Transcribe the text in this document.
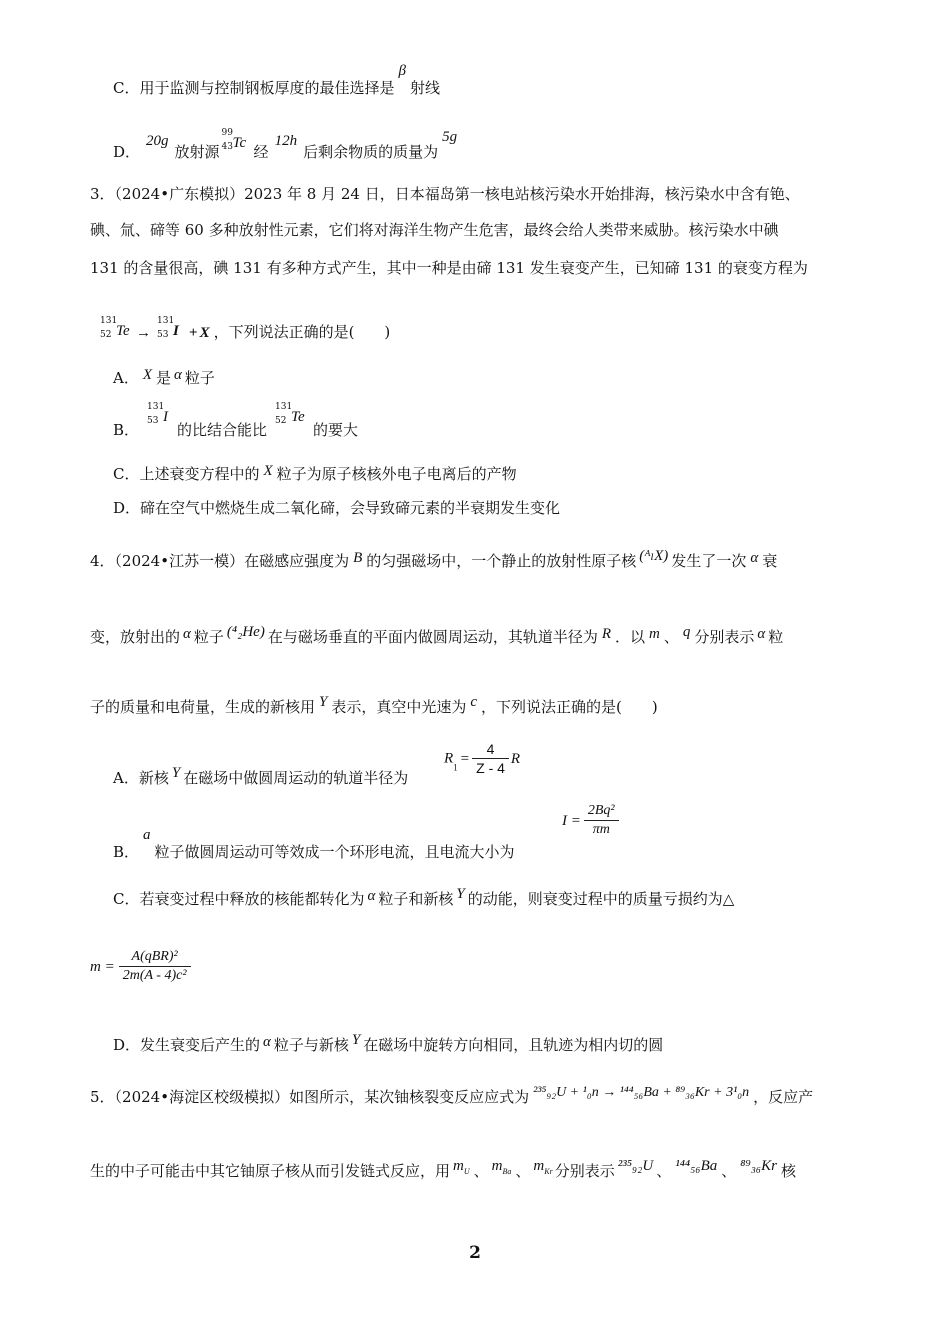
C．用于监测与控制钢板厚度的最佳选择是β射线
D．20g放射源
99
43 Tc 经12h后剩余物质的质量为5g
3．（2024•广东模拟）2023 年 8 月 24 日，日本福岛第一核电站核污染水开始排海，核污染水中含有铯、
碘、氚、碲等 60 多种放射性元素，它们将对海洋生物产生危害，最终会给人类带来威胁。核污染水中碘
131 的含量很高，碘 131 有多种方式产生，其中一种是由碲 131 发生衰变产生，已知碲 131 的衰变方程为
131
52 Te →
131
53 I + X ，下列说法正确的是(　　)
A． X 是 α 粒子
B．
131
53 I
的比结合能比
131
52 Te
的要大
C．上述衰变方程中的 X 粒子为原子核核外电子电离后的产物
D．碲在空气中燃烧生成二氧化碲，会导致碲元素的半衰期发生变化
4．（2024•江苏一模）在磁感应强度为 B 的匀强磁场中，一个静止的放射性原子核 (ᴬₗX) 发生了一次 α 衰
变，放射出的 α 粒子 (⁴₂He) 在与磁场垂直的平面内做圆周运动，其轨道半径为 R ．以 m 、 q 分别表示 α 粒
子的质量和电荷量，生成的新核用 Y 表示，真空中光速为 c ，下列说法正确的是(　　)
A．新核 Y 在磁场中做圆周运动的轨道半径为
$R_1= \frac{4}{Z - 4}$ R
B．a粒子做圆周运动可等效成一个环形电流，且电流大小为
$I = \frac{\text{2Bq²}}{\pi m}$
C．若衰变过程中释放的核能都转化为 α 粒子和新核 Y 的动能，则衰变过程中的质量亏损约为△
$m = \frac{\text{A(qBR)²}}{\text{2m(A - 4)c²}}$
D．发生衰变后产生的 α 粒子与新核 Y 在磁场中旋转方向相同，且轨迹为相内切的圆
5．（2024•海淀区校级模拟）如图所示，某次铀核裂变反应应式为 ²³⁵₉₂U + ¹₀n → ¹⁴⁴₅₆Ba + ⁸⁹₃₆Kr + 3¹₀n ，反应产
生的中子可能击中其它铀原子核从而引发链式反应，用 mU 、 mBa 、 mKr 分别表示 ²³⁵₉₂U 、 ¹⁴⁴₅₆Ba 、 ⁸⁹₃₆Kr 核
2
